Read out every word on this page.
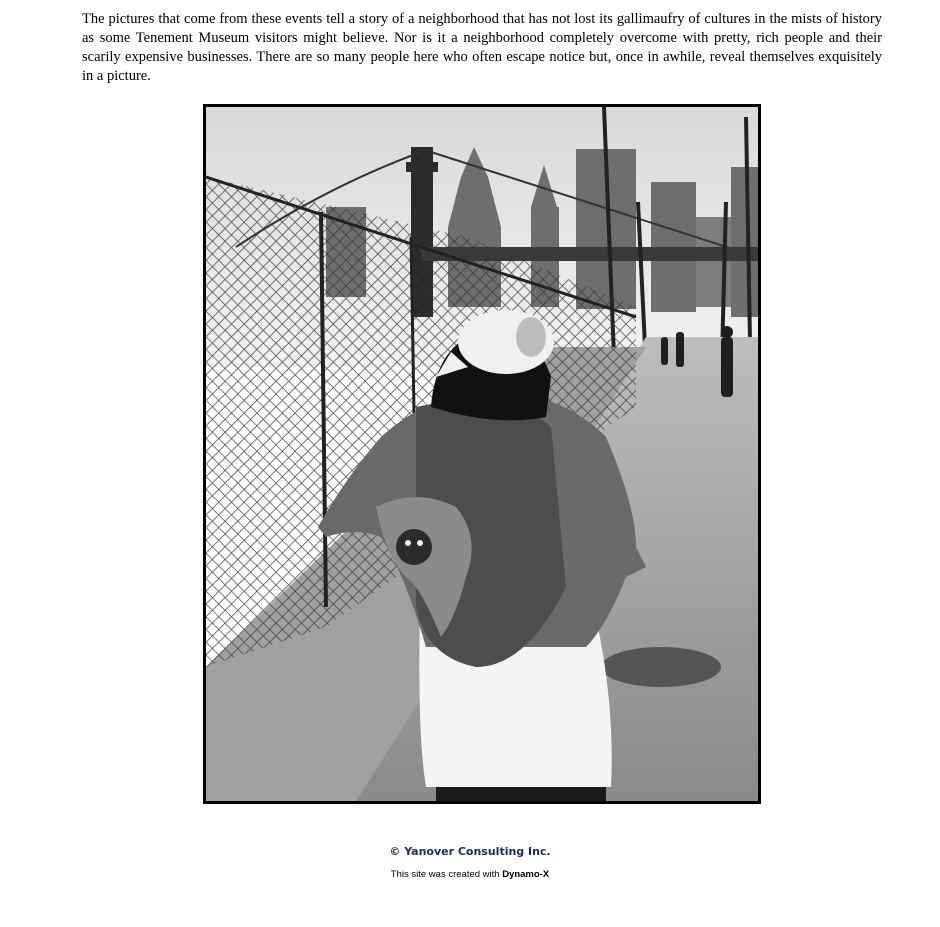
The pictures that come from these events tell a story of a neighborhood that has not lost its gallimaufry of cultures in the mists of history as some Tenement Museum visitors might believe. Nor is it a neighborhood completely overcome with pretty, rich people and their scarily expensive businesses. There are so many people here who often escape notice but, once in awhile, reveal themselves exquisitely in a picture.

© Yanover Consulting Inc.
This site was created with Dynamo-X
